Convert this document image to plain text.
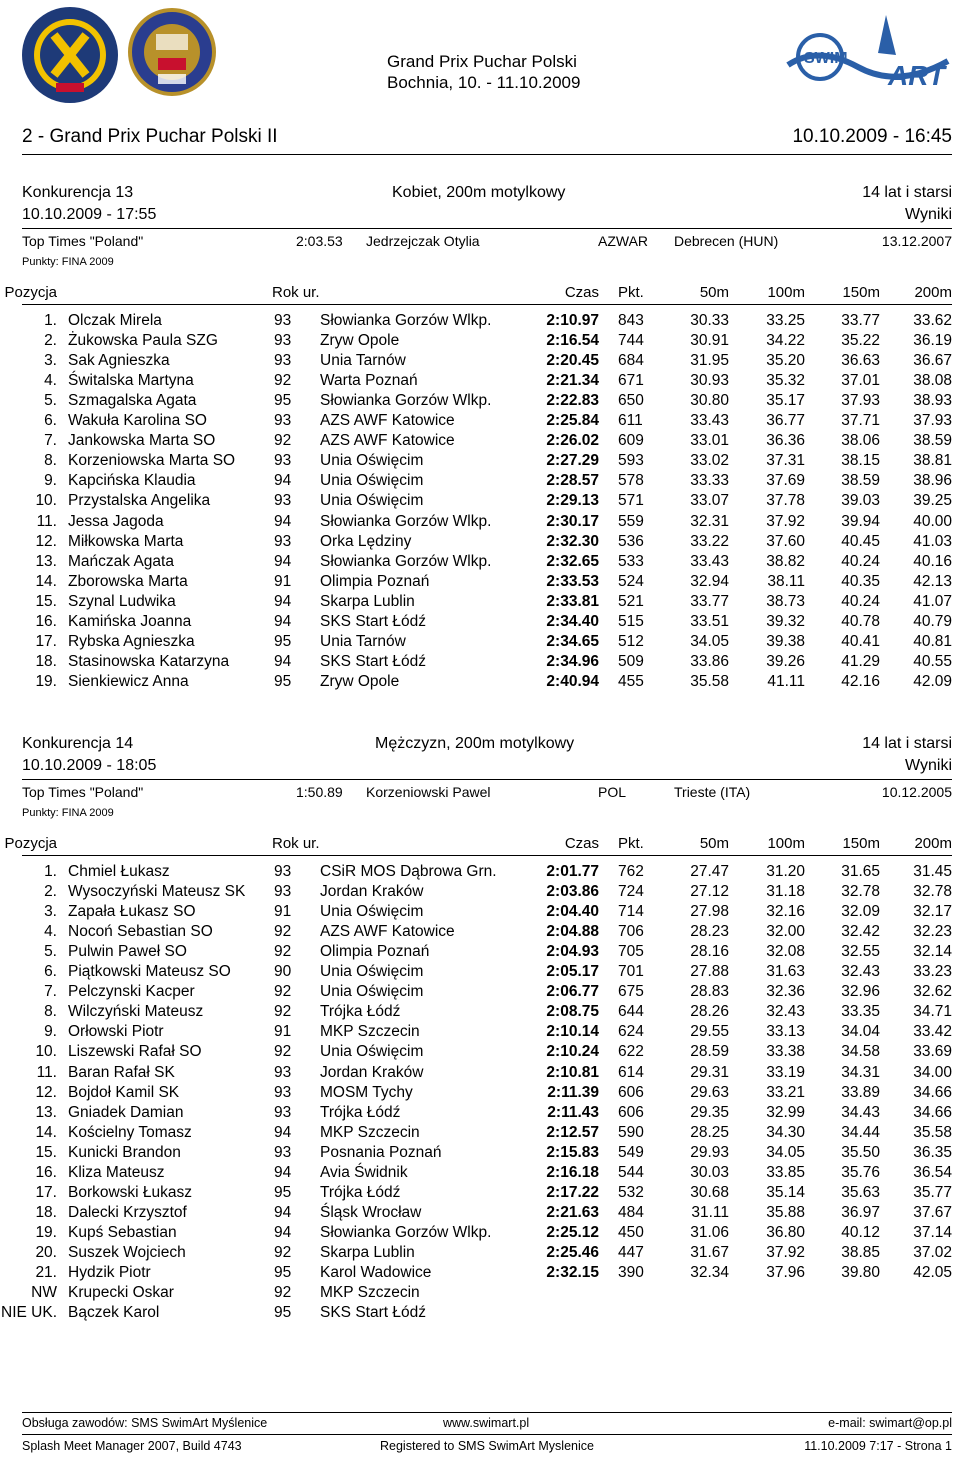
SWIM
ART
Grand Prix Puchar Polski
Bochnia, 10. - 11.10.2009
2 - Grand Prix Puchar Polski II	10.10.2009 - 16:45
Konkurencja 13
10.10.2009 - 17:55
Kobiet, 200m motylkowy	14 lat i starsi
Wyniki
Top Times "Poland"	2:03.53 Jedrzejczak Otylia	AZWAR Debrecen (HUN)	13.12.2007
Punkty: FINA 2009
Pozycja	Rok ur.	Czas Pkt.	50m	100m	150m	200m
1. Olczak Mirela	93 Słowianka Gorzów Wlkp.	2:10.97 843	30.33	33.25	33.77	33.62
2. Żukowska Paula SZG	93 Zryw Opole	2:16.54 744	30.91	34.22	35.22	36.19
3. Sak Agnieszka	93 Unia Tarnów	2:20.45 684	31.95	35.20	36.63	36.67
4. Świtalska Martyna	92 Warta Poznań	2:21.34 671	30.93	35.32	37.01	38.08
5. Szmagalska Agata	95 Słowianka Gorzów Wlkp.	2:22.83 650	30.80	35.17	37.93	38.93
6. Wakuła Karolina SO	93 AZS AWF Katowice	2:25.84 611	33.43	36.77	37.71	37.93
7. Jankowska Marta SO	92 AZS AWF Katowice	2:26.02 609	33.01	36.36	38.06	38.59
8. Korzeniowska Marta SO	93 Unia Oświęcim	2:27.29 593	33.02	37.31	38.15	38.81
9. Kapcińska Klaudia	94 Unia Oświęcim	2:28.57 578	33.33	37.69	38.59	38.96
10. Przystalska Angelika	93 Unia Oświęcim	2:29.13 571	33.07	37.78	39.03	39.25
11. Jessa Jagoda	94 Słowianka Gorzów Wlkp.	2:30.17 559	32.31	37.92	39.94	40.00
12. Miłkowska Marta	93 Orka Lędziny	2:32.30 536	33.22	37.60	40.45	41.03
13. Mańczak Agata	94 Słowianka Gorzów Wlkp.	2:32.65 533	33.43	38.82	40.24	40.16
14. Zborowska Marta	91 Olimpia Poznań	2:33.53 524	32.94	38.11	40.35	42.13
15. Szynal Ludwika	94 Skarpa Lublin	2:33.81 521	33.77	38.73	40.24	41.07
16. Kamińska Joanna	94 SKS Start Łódź	2:34.40 515	33.51	39.32	40.78	40.79
17. Rybska Agnieszka	95 Unia Tarnów	2:34.65 512	34.05	39.38	40.41	40.81
18. Stasinowska Katarzyna	94 SKS Start Łódź	2:34.96 509	33.86	39.26	41.29	40.55
19. Sienkiewicz Anna	95 Zryw Opole	2:40.94 455	35.58	41.11	42.16	42.09
Konkurencja 14
10.10.2009 - 18:05
Mężczyzn, 200m motylkowy	14 lat i starsi
Wyniki
Top Times "Poland"	1:50.89 Korzeniowski Pawel	POL	Trieste (ITA)	10.12.2005
Punkty: FINA 2009
Pozycja	Rok ur.	Czas Pkt.	50m	100m	150m	200m
1. Chmiel Łukasz	93 CSiR MOS Dąbrowa Grn.	2:01.77 762	27.47	31.20	31.65	31.45
2. Wysoczyński Mateusz SK 93 Jordan Kraków	2:03.86 724	27.12	31.18	32.78	32.78
3. Zapała Łukasz SO	91 Unia Oświęcim	2:04.40 714	27.98	32.16	32.09	32.17
4. Nocoń Sebastian SO	92 AZS AWF Katowice	2:04.88 706	28.23	32.00	32.42	32.23
5. Pulwin Paweł SO	92 Olimpia Poznań	2:04.93 705	28.16	32.08	32.55	32.14
6. Piątkowski Mateusz SO	90 Unia Oświęcim	2:05.17 701	27.88	31.63	32.43	33.23
7. Pelczynski Kacper	92 Unia Oświęcim	2:06.77 675	28.83	32.36	32.96	32.62
8. Wilczyński Mateusz	92 Trójka Łódź	2:08.75 644	28.26	32.43	33.35	34.71
9. Orłowski Piotr	91 MKP Szczecin	2:10.14 624	29.55	33.13	34.04	33.42
10. Liszewski Rafał SO	92 Unia Oświęcim	2:10.24 622	28.59	33.38	34.58	33.69
11. Baran Rafał SK	93 Jordan Kraków	2:10.81 614	29.31	33.19	34.31	34.00
12. Bojdoł Kamil SK	93 MOSM Tychy	2:11.39 606	29.63	33.21	33.89	34.66
13. Gniadek Damian	93 Trójka Łódź	2:11.43 606	29.35	32.99	34.43	34.66
14. Kościelny Tomasz	94 MKP Szczecin	2:12.57 590	28.25	34.30	34.44	35.58
15. Kunicki Brandon	93 Posnania Poznań	2:15.83 549	29.93	34.05	35.50	36.35
16. Kliza Mateusz	94 Avia Świdnik	2:16.18 544	30.03	33.85	35.76	36.54
17. Borkowski Łukasz	95 Trójka Łódź	2:17.22 532	30.68	35.14	35.63	35.77
18. Dalecki Krzysztof	94 Śląsk Wrocław	2:21.63 484	31.11	35.88	36.97	37.67
19. Kupś Sebastian	94 Słowianka Gorzów Wlkp.	2:25.12 450	31.06	36.80	40.12	37.14
20. Suszek Wojciech	92 Skarpa Lublin	2:25.46 447	31.67	37.92	38.85	37.02
21. Hydzik Piotr	95 Karol Wadowice	2:32.15 390	32.34	37.96	39.80	42.05
NW Krupecki Oskar	92 MKP Szczecin
NIE UK. Bączek Karol	95 SKS Start Łódź
Obsługa zawodów: SMS SwimArt Myślenice	www.swimart.pl	e-mail: swimart@op.pl
Splash Meet Manager 2007, Build 4743	Registered to SMS SwimArt Myslenice	11.10.2009 7:17 - Strona 1
